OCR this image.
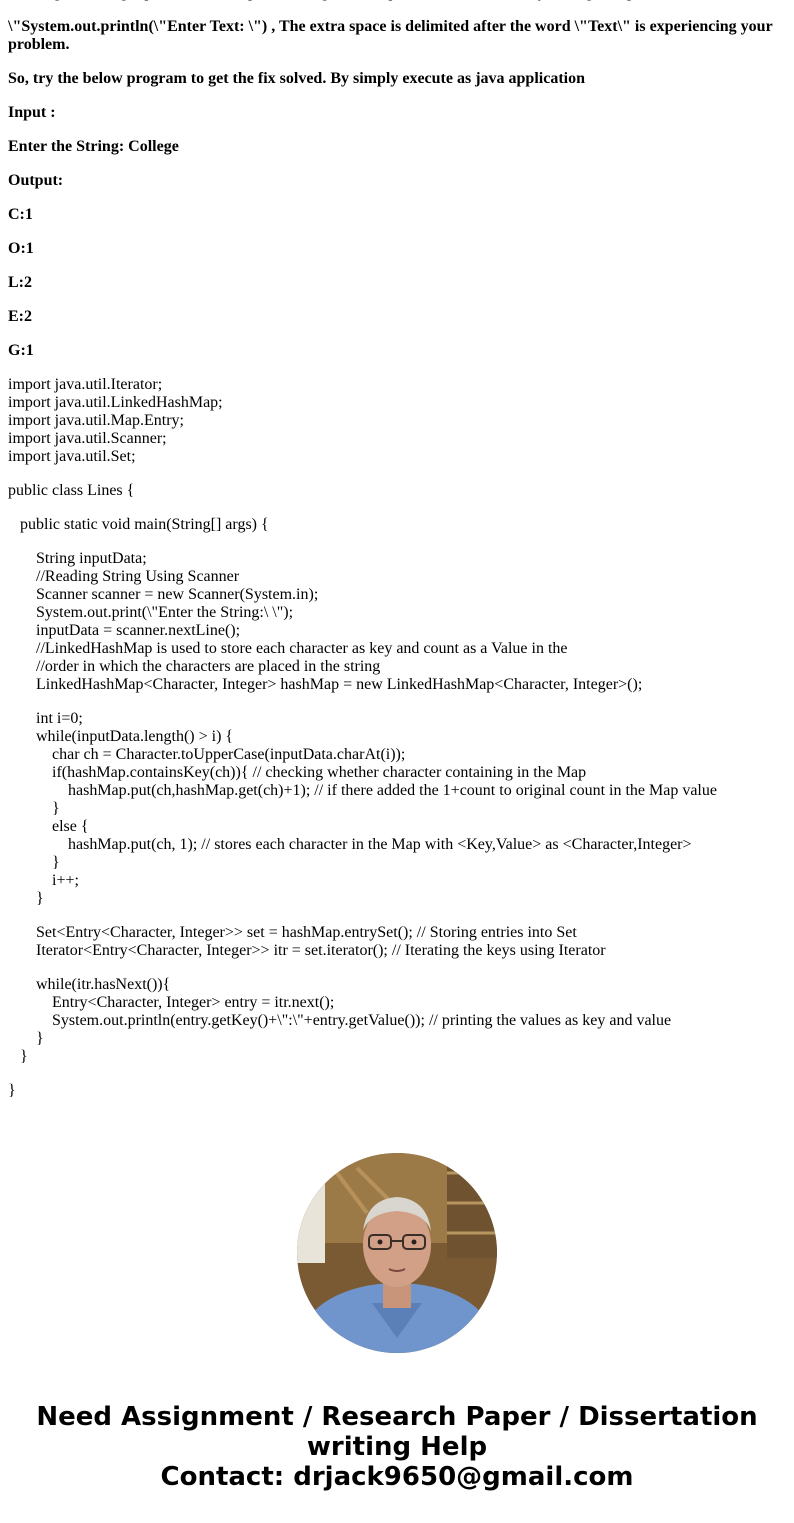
\"System.out.println(\"Enter Text: \") , The extra space is delimited after the word \"Text\" is experiencing your problem.

So, try the below program to get the fix solved. By simply execute as java application

Input :

Enter the String: College

Output:

C:1

O:1

L:2

E:2

G:1

import java.util.Iterator;
import java.util.LinkedHashMap;
import java.util.Map.Entry;
import java.util.Scanner;
import java.util.Set;
public class Lines {
public static void main(String[] args) {
String inputData;
//Reading String Using Scanner
Scanner scanner = new Scanner(System.in);
System.out.print(\"Enter the String:\ \");
inputData = scanner.nextLine();
//LinkedHashMap is used to store each character as key and count as a Value in the
//order in which the characters are placed in the string
LinkedHashMap<Character, Integer> hashMap = new LinkedHashMap<Character, Integer>();
int i=0;
while(inputData.length() > i) {
char ch = Character.toUpperCase(inputData.charAt(i));
if(hashMap.containsKey(ch)){ // checking whether character containing in the Map
hashMap.put(ch,hashMap.get(ch)+1); // if there added the 1+count to original count in the Map value
}
else {
hashMap.put(ch, 1); // stores each character in the Map with <Key,Value> as <Character,Integer>
}
i++;
}
Set<Entry<Character, Integer>> set = hashMap.entrySet(); // Storing entries into Set
Iterator<Entry<Character, Integer>> itr = set.iterator(); // Iterating the keys using Iterator
while(itr.hasNext()){
Entry<Character, Integer> entry = itr.next();
System.out.println(entry.getKey()+\":\"+entry.getValue()); // printing the values as key and value
}
}
}
Need Assignment / Research Paper / Dissertation
writing Help
Contact: drjack9650@gmail.com
